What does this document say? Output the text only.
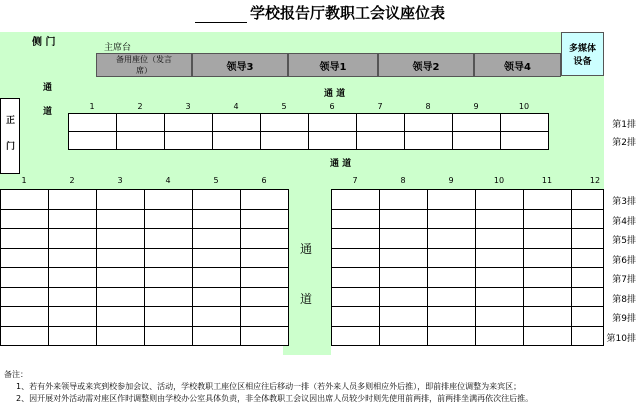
学校报告厅教职工会议座位表
侧 门	主席台	多媒体设备
备用座位（发言席）	领导3	领导1	领导2	领导4
通
道
正
门
通 道
1	2	3	4	5	6	7	8	9	10
第1排
第2排
通 道
1	2	3	4	5	6	7	8	9	10	11	12
第3排
第4排
第5排
第6排
第7排
第8排
第9排
第10排
通
道
备注：
1、若有外来领导或来宾到校参加会议、活动，学校教职工座位区相应往后移动一排（若外来人员多则相应外后推），即前排座位调整为来宾区；
2、因开展对外活动需对座区作时调整则由学校办公室具体负责，非全体教职工会议因出席人员较少时则先使用前两排，前两排坐满再依次往后推。
